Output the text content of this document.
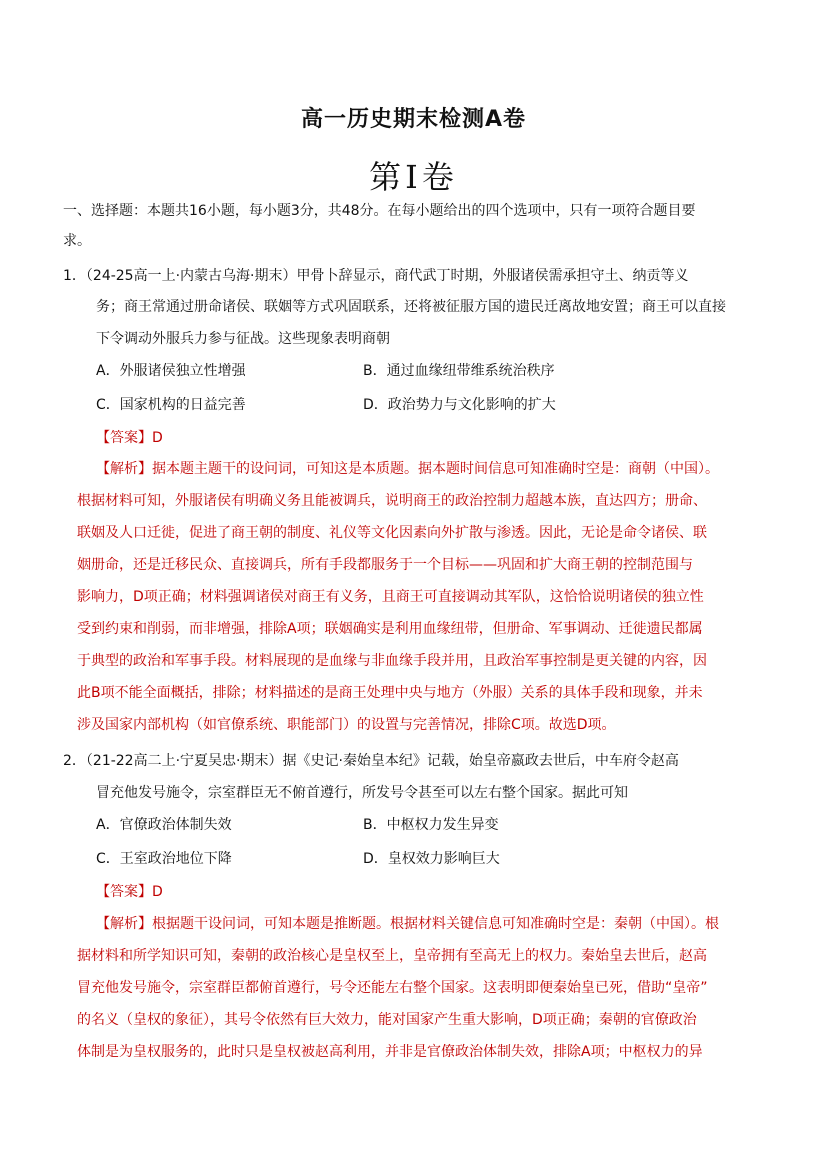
高一历史期末检测A卷
第Ⅰ卷
一、选择题：本题共16小题，每小题3分，共48分。在每小题给出的四个选项中，只有一项符合题目要
求。
1．（24-25高一上·内蒙古乌海·期末）甲骨卜辞显示，商代武丁时期，外服诸侯需承担守土、纳贡等义
务；商王常通过册命诸侯、联姻等方式巩固联系，还将被征服方国的遗民迁离故地安置；商王可以直接
下令调动外服兵力参与征战。这些现象表明商朝
A．外服诸侯独立性增强	B．通过血缘纽带维系统治秩序
C．国家机构的日益完善	D．政治势力与文化影响的扩大
【答案】D
【解析】据本题主题干的设问词，可知这是本质题。据本题时间信息可知准确时空是：商朝（中国）。
根据材料可知，外服诸侯有明确义务且能被调兵，说明商王的政治控制力超越本族，直达四方；册命、
联姻及人口迁徙，促进了商王朝的制度、礼仪等文化因素向外扩散与渗透。因此，无论是命令诸侯、联
姻册命，还是迁移民众、直接调兵，所有手段都服务于一个目标——巩固和扩大商王朝的控制范围与
影响力，D项正确；材料强调诸侯对商王有义务，且商王可直接调动其军队，这恰恰说明诸侯的独立性
受到约束和削弱，而非增强，排除A项；联姻确实是利用血缘纽带，但册命、军事调动、迁徙遗民都属
于典型的政治和军事手段。材料展现的是血缘与非血缘手段并用，且政治军事控制是更关键的内容，因
此B项不能全面概括，排除；材料描述的是商王处理中央与地方（外服）关系的具体手段和现象，并未
涉及国家内部机构（如官僚系统、职能部门）的设置与完善情况，排除C项。故选D项。
2．（21-22高二上·宁夏吴忠·期末）据《史记·秦始皇本纪》记载，始皇帝嬴政去世后，中车府令赵高
冒充他发号施令，宗室群臣无不俯首遵行，所发号令甚至可以左右整个国家。据此可知
A．官僚政治体制失效	B．中枢权力发生异变
C．王室政治地位下降	D．皇权效力影响巨大
【答案】D
【解析】根据题干设问词，可知本题是推断题。根据材料关键信息可知准确时空是：秦朝（中国）。根
据材料和所学知识可知，秦朝的政治核心是皇权至上，皇帝拥有至高无上的权力。秦始皇去世后，赵高
冒充他发号施令，宗室群臣都俯首遵行，号令还能左右整个国家。这表明即便秦始皇已死，借助“皇帝”
的名义（皇权的象征），其号令依然有巨大效力，能对国家产生重大影响，D项正确；秦朝的官僚政治
体制是为皇权服务的，此时只是皇权被赵高利用，并非是官僚政治体制失效，排除A项；中枢权力的异
